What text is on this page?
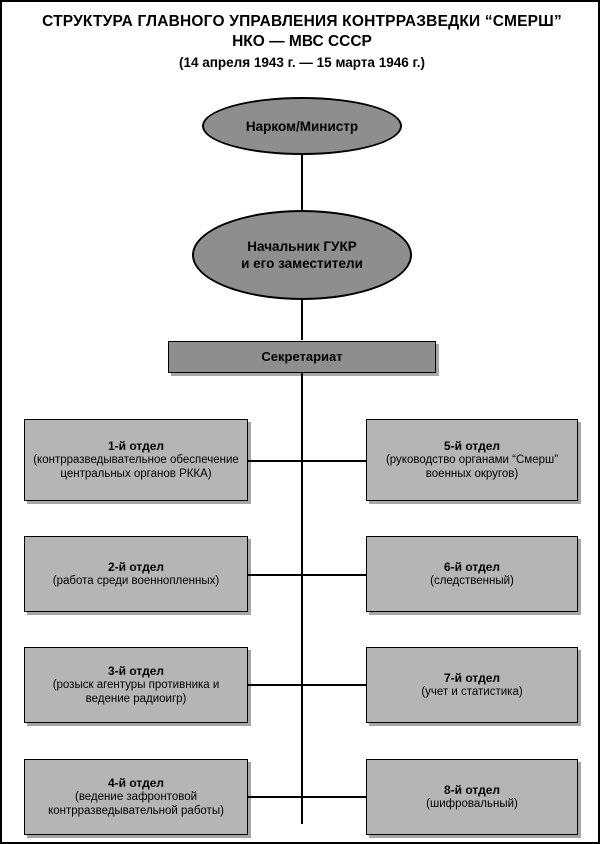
СТРУКТУРА ГЛАВНОГО УПРАВЛЕНИЯ КОНТРРАЗВЕДКИ “СМЕРШ”
НКО — МВС СССР
(14 апреля 1943 г. — 15 марта 1946 г.)
Нарком/Министр
Начальник ГУКР
и его заместители
Секретариат
1-й отдел
(контрразведывательное обеспечение центральных органов РККА)
2-й отдел
(работа среди военнопленных)
3-й отдел
(розыск агентуры противника и ведение радиоигр)
4-й отдел
(ведение зафронтовой контрразведывательной работы)
5-й отдел
(руководство органами “Смерш” военных округов)
6-й отдел
(следственный)
7-й отдел
(учет и статистика)
8-й отдел
(шифровальный)
